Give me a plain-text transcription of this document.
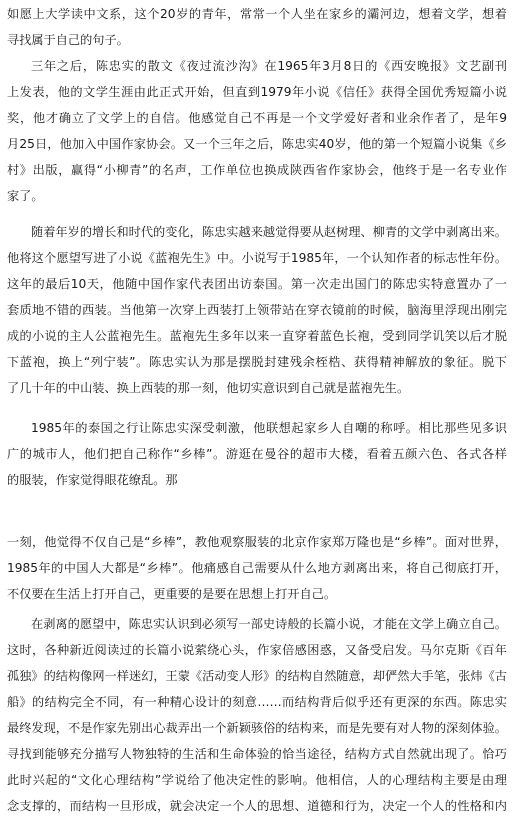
如愿上大学读中文系，这个20岁的青年，常常一个人坐在家乡的灞河边，想着文学，想着
寻找属于自己的句子。
三年之后，陈忠实的散文《夜过流沙沟》在1965年3月8日的《西安晚报》文艺副刊
上发表，他的文学生涯由此正式开始，但直到1979年小说《信任》获得全国优秀短篇小说
奖，他才确立了文学上的自信。他感觉自己不再是一个文学爱好者和业余作者了，是年9
月25日，他加入中国作家协会。又一个三年之后，陈忠实40岁，他的第一个短篇小说集《乡
村》出版，赢得“小柳青”的名声，工作单位也换成陕西省作家协会，他终于是一名专业作
家了。
随着年岁的增长和时代的变化，陈忠实越来越觉得要从赵树理、柳青的文学中剥离出来。
他将这个愿望写进了小说《蓝袍先生》中。小说写于1985年，一个认知作者的标志性年份。
这年的最后10天，他随中国作家代表团出访泰国。第一次走出国门的陈忠实特意置办了一
套质地不错的西装。当他第一次穿上西装打上领带站在穿衣镜前的时候，脑海里浮现出刚完
成的小说的主人公蓝袍先生。蓝袍先生多年以来一直穿着蓝色长袍，受到同学讥笑以后才脱
下蓝袍，换上“列宁装”。陈忠实认为那是摆脱封建残余桎梏、获得精神解放的象征。脱下
了几十年的中山装、换上西装的那一刻，他切实意识到自己就是蓝袍先生。
1985年的泰国之行让陈忠实深受刺激，他联想起家乡人自嘲的称呼。相比那些见多识
广的城市人，他们把自己称作“乡棒”。游逛在曼谷的超市大楼，看着五颜六色、各式各样
的服装，作家觉得眼花缭乱。那
一刻，他觉得不仅自己是“乡棒”，教他观察服装的北京作家郑万隆也是“乡棒”。面对世界，
1985年的中国人大都是“乡棒”。他痛感自己需要从什么地方剥离出来，将自己彻底打开，
不仅要在生活上打开自己，更重要的是要在思想上打开自己。
在剥离的愿望中，陈忠实认识到必须写一部史诗般的长篇小说，才能在文学上确立自己。
这时，各种新近阅读过的长篇小说萦绕心头，作家倍感困惑，又备受启发。马尔克斯《百年
孤独》的结构像网一样迷幻，王蒙《活动变人形》的结构自然随意，却俨然大手笔，张炜《古
船》的结构完全不同，有一种精心设计的刻意……而结构背后似乎还有更深的东西。陈忠实
最终发现，不是作家先别出心裁弄出一个新颖骇俗的结构来，而是先要有对人物的深刻体验。
寻找到能够充分描写人物独特的生活和生命体验的恰当途径，结构方式自然就出现了。恰巧
此时兴起的“文化心理结构”学说给了他决定性的影响。他相信，人的心理结构主要是由理
念支撑的，而结构一旦形成，就会决定一个人的思想、道德和行为，决定一个人的性格和内
